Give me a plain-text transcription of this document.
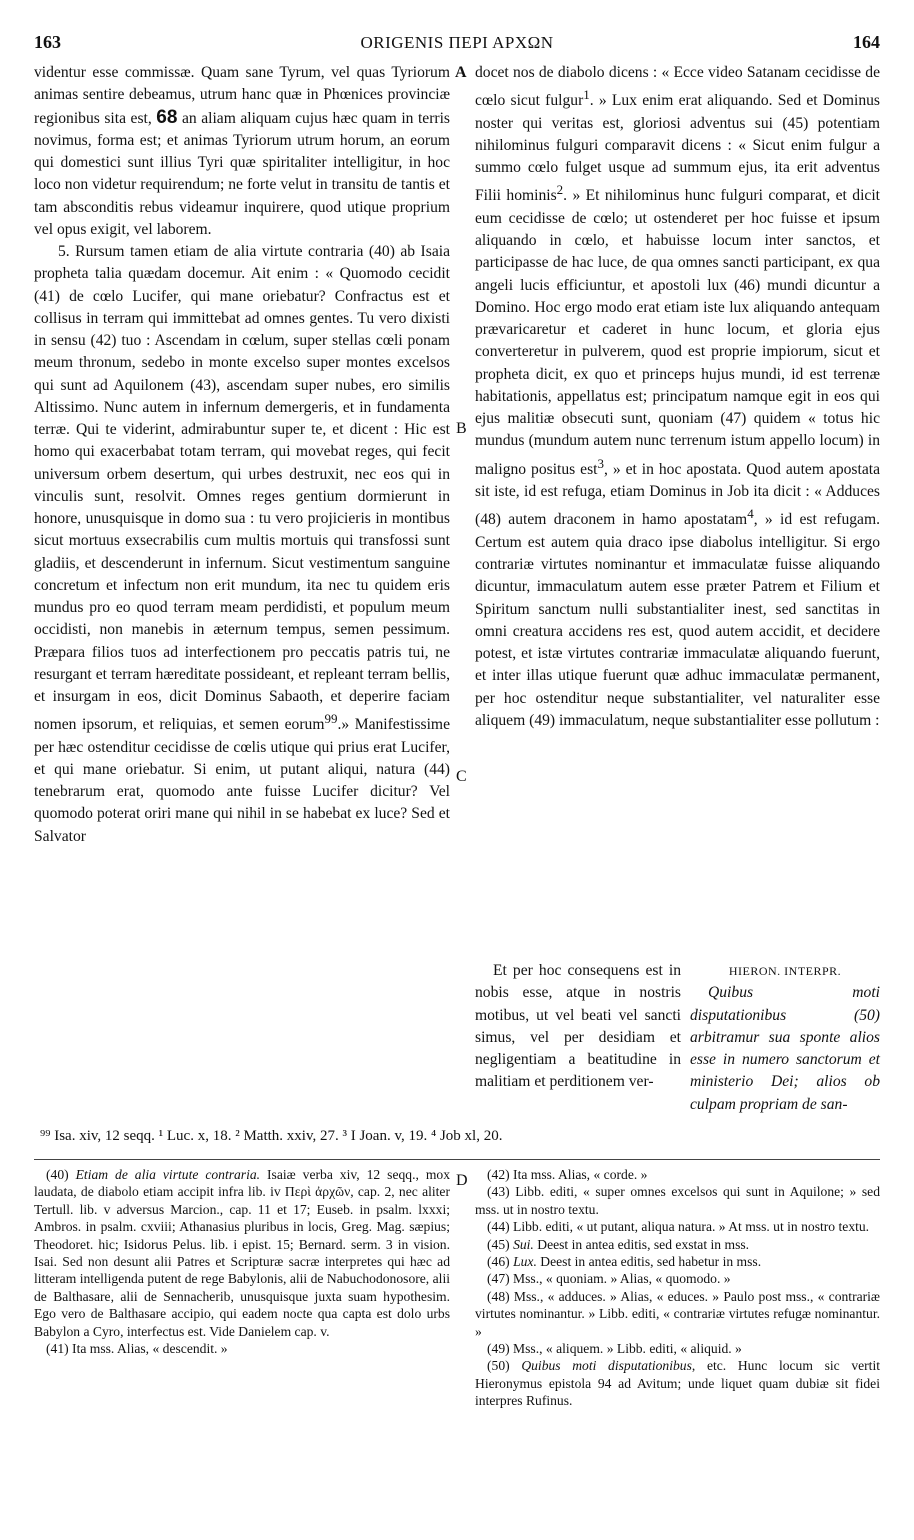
163	ORIGENIS ΠΕΡΙ ΑΡΧΩΝ	164
A
B
C
D

videntur esse commissæ. Quam sane Tyrum, vel quas Tyriorum animas sentire debeamus, utrum hanc quæ in Phœnices provinciæ regionibus sita est, 68 an aliam aliquam cujus hæc quam in terris novimus, forma est; et animas Tyriorum utrum horum, an eorum qui domestici sunt illius Tyri quæ spiritaliter intelligitur, in hoc loco non videtur requirendum; ne forte velut in transitu de tantis et tam absconditis rebus videamur inquirere, quod utique proprium vel opus exigit, vel laborem.

5. Rursum tamen etiam de alia virtute contraria (40) ab Isaia propheta talia quædam docemur. Ait enim : « Quomodo cecidit (41) de cœlo Lucifer, qui mane oriebatur? Confractus est et collisus in terram qui immittebat ad omnes gentes. Tu vero dixisti in sensu (42) tuo : Ascendam in cœlum, super stellas cœli ponam meum thronum, sedebo in monte excelso super montes excelsos qui sunt ad Aquilonem (43), ascendam super nubes, ero similis Altissimo. Nunc autem in infernum demergeris, et in fundamenta terræ. Qui te viderint, admirabuntur super te, et dicent : Hic est homo qui exacerbabat totam terram, qui movebat reges, qui fecit universum orbem desertum, qui urbes destruxit, nec eos qui in vinculis sunt, resolvit. Omnes reges gentium dormierunt in honore, unusquisque in domo sua : tu vero projicieris in montibus sicut mortuus exsecrabilis cum multis mortuis qui transfossi sunt gladiis, et descenderunt in infernum. Sicut vestimentum sanguine concretum et infectum non erit mundum, ita nec tu quidem eris mundus pro eo quod terram meam perdidisti, et populum meum occidisti, non manebis in æternum tempus, semen pessimum. Præpara filios tuos ad interfectionem pro peccatis patris tui, ne resurgant et terram hæreditate possideant, et repleant terram bellis, et insurgam in eos, dicit Dominus Sabaoth, et deperire faciam nomen ipsorum, et reliquias, et semen eorum$^{99}$.» Manifestissime per hæc ostenditur cecidisse de cœlis utique qui prius erat Lucifer, et qui mane oriebatur. Si enim, ut putant aliqui, natura (44) tenebrarum erat, quomodo ante fuisse Lucifer dicitur? Vel quomodo poterat oriri mane qui nihil in se habebat ex luce? Sed et Salvator

docet nos de diabolo dicens : « Ecce video Satanam cecidisse de cœlo sicut fulgur$^1$. » Lux enim erat aliquando. Sed et Dominus noster qui veritas est, gloriosi adventus sui (45) potentiam nihilominus fulguri comparavit dicens : « Sicut enim fulgur a summo cœlo fulget usque ad summum ejus, ita erit adventus Filii hominis$^2$. » Et nihilominus hunc fulguri comparat, et dicit eum cecidisse de cœlo; ut ostenderet per hoc fuisse et ipsum aliquando in cœlo, et habuisse locum inter sanctos, et participasse de hac luce, de qua omnes sancti participant, ex qua angeli lucis efficiuntur, et apostoli lux (46) mundi dicuntur a Domino. Hoc ergo modo erat etiam iste lux aliquando antequam prævaricaretur et caderet in hunc locum, et gloria ejus converteretur in pulverem, quod est proprie impiorum, sicut et propheta dicit, ex quo et princeps hujus mundi, id est terrenæ habitationis, appellatus est; principatum namque egit in eos qui ejus malitiæ obsecuti sunt, quoniam (47) quidem « totus hic mundus (mundum autem nunc terrenum istum appello locum) in maligno positus est$^3$, » et in hoc apostata. Quod autem apostata sit iste, id est refuga, etiam Dominus in Job ita dicit : « Adduces (48) autem draconem in hamo apostatam$^4$, » id est refugam. Certum est autem quia draco ipse diabolus intelligitur. Si ergo contrariæ virtutes nominantur et immaculatæ fuisse aliquando dicuntur, immaculatum autem esse præter Patrem et Filium et Spiritum sanctum nulli substantialiter inest, sed sanctitas in omni creatura accidens res est, quod autem accidit, et decidere potest, et istæ virtutes contrariæ immaculatæ aliquando fuerunt, et inter illas utique fuerunt quæ adhuc immaculatæ permanent, per hoc ostenditur neque substantialiter, vel naturaliter esse aliquem (49) immaculatum, neque substantialiter esse pollutum :

Et per hoc consequens est in nobis esse, atque in nostris motibus, ut vel beati vel sancti simus, vel per desidiam et negligentiam a beatitudine in malitiam et perditionem ver-

HIERON. INTERPR.

Quibus moti disputationibus (50) arbitramur sua sponte alios esse in numero sanctorum et ministerio Dei; alios ob culpam propriam de san-

⁹⁹ Isa. xiv, 12 seqq. ¹ Luc. x, 18. ² Matth. xxiv, 27. ³ I Joan. v, 19. ⁴ Job xl, 20.

(40) Etiam de alia virtute contraria. Isaiæ verba xiv, 12 seqq., mox laudata, de diabolo etiam accipit infra lib. iv Περὶ ἀρχῶν, cap. 2, nec aliter Tertull. lib. v adversus Marcion., cap. 11 et 17; Euseb. in psalm. lxxxi; Ambros. in psalm. cxviii; Athanasius pluribus in locis, Greg. Mag. sæpius; Theodoret. hic; Isidorus Pelus. lib. i epist. 15; Bernard. serm. 3 in vision. Isai. Sed non desunt alii Patres et Scripturæ sacræ interpretes qui hæc ad litteram intelligenda putent de rege Babylonis, alii de Nabuchodonosore, alii de Balthasare, alii de Sennacherib, unusquisque juxta suam hypothesim. Ego vero de Balthasare accipio, qui eadem nocte qua capta est dolo urbs Babylon a Cyro, interfectus est. Vide Danielem cap. v.

(41) Ita mss. Alias, « descendit. »

(42) Ita mss. Alias, « corde. »

(43) Libb. editi, « super omnes excelsos qui sunt in Aquilone; » sed mss. ut in nostro textu.

(44) Libb. editi, « ut putant, aliqua natura. » At mss. ut in nostro textu.

(45) Sui. Deest in antea editis, sed exstat in mss.

(46) Lux. Deest in antea editis, sed habetur in mss.

(47) Mss., « quoniam. » Alias, « quomodo. »

(48) Mss., « adduces. » Alias, « educes. » Paulo post mss., « contrariæ virtutes nominantur. » Libb. editi, « contrariæ virtutes refugæ nominantur. »

(49) Mss., « aliquem. » Libb. editi, « aliquid. »

(50) Quibus moti disputationibus, etc. Hunc locum sic vertit Hieronymus epistola 94 ad Avitum; unde liquet quam dubiæ sit fidei interpres Rufinus.
